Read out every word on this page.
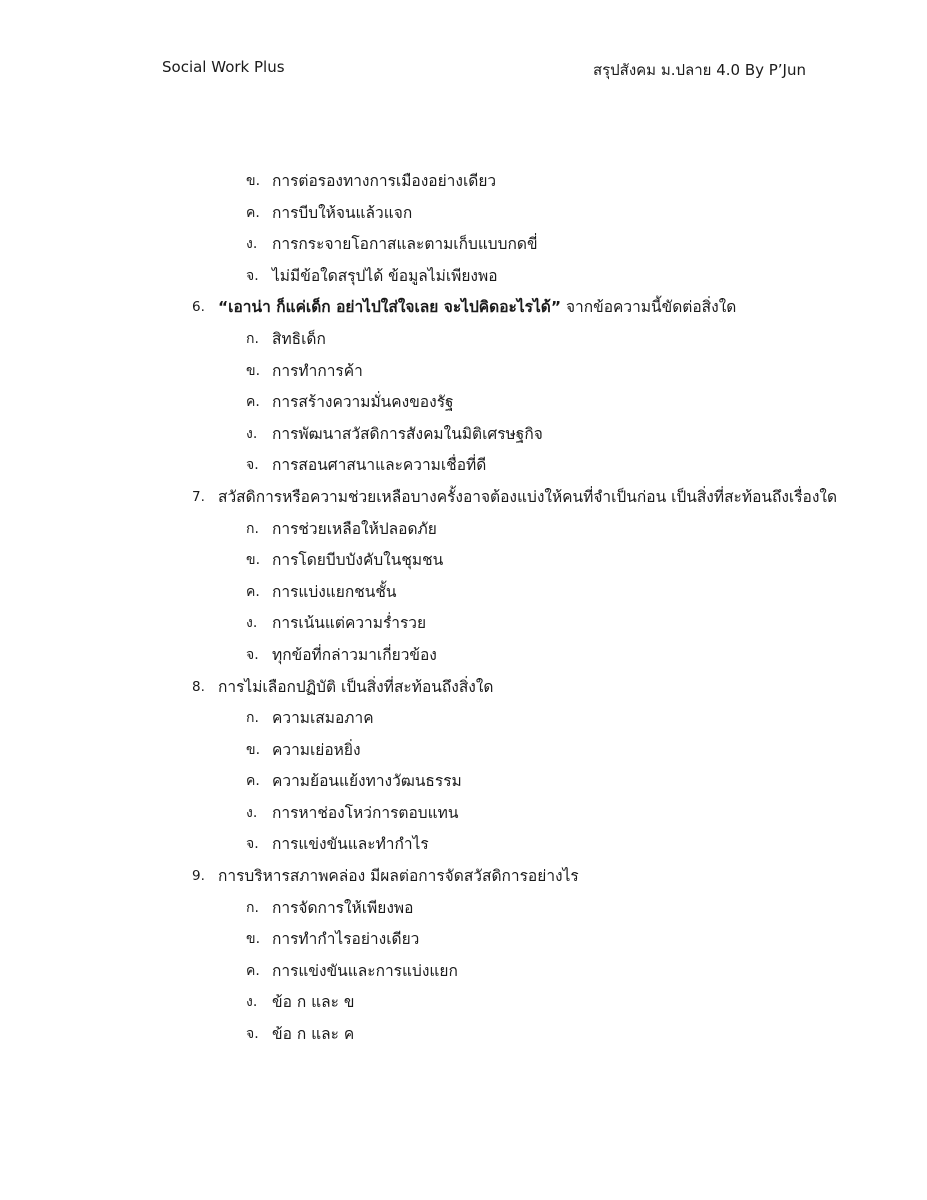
Social Work Plus	สรุปสังคม ม.ปลาย 4.0 By P’Jun
ข. การต่อรองทางการเมืองอย่างเดียว
ค. การบีบให้จนแล้วแจก
ง. การกระจายโอกาสและตามเก็บแบบกดขี่
จ. ไม่มีข้อใดสรุปได้ ข้อมูลไม่เพียงพอ
6. “เอาน่า ก็แค่เด็ก อย่าไปใส่ใจเลย จะไปคิดอะไรได้” จากข้อความนี้ขัดต่อสิ่งใด
ก. สิทธิเด็ก
ข. การทำการค้า
ค. การสร้างความมั่นคงของรัฐ
ง. การพัฒนาสวัสดิการสังคมในมิติเศรษฐกิจ
จ. การสอนศาสนาและความเชื่อที่ดี
7. สวัสดิการหรือความช่วยเหลือบางครั้งอาจต้องแบ่งให้คนที่จำเป็นก่อน เป็นสิ่งที่สะท้อนถึงเรื่องใด
ก. การช่วยเหลือให้ปลอดภัย
ข. การโดยบีบบังคับในชุมชน
ค. การแบ่งแยกชนชั้น
ง. การเน้นแต่ความร่ำรวย
จ. ทุกข้อที่กล่าวมาเกี่ยวข้อง
8. การไม่เลือกปฏิบัติ เป็นสิ่งที่สะท้อนถึงสิ่งใด
ก. ความเสมอภาค
ข. ความเย่อหยิ่ง
ค. ความย้อนแย้งทางวัฒนธรรม
ง. การหาช่องโหว่การตอบแทน
จ. การแข่งขันและทำกำไร
9. การบริหารสภาพคล่อง มีผลต่อการจัดสวัสดิการอย่างไร
ก. การจัดการให้เพียงพอ
ข. การทำกำไรอย่างเดียว
ค. การแข่งขันและการแบ่งแยก
ง. ข้อ ก และ ข
จ. ข้อ ก และ ค
